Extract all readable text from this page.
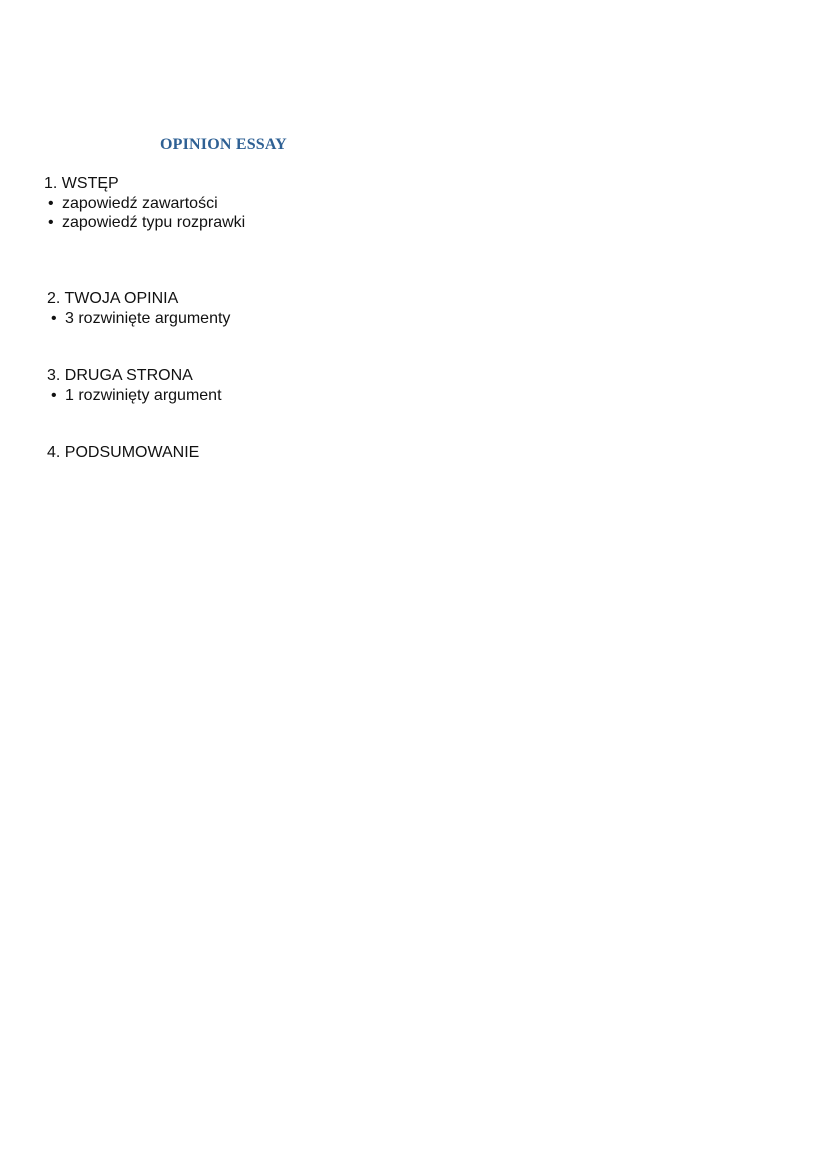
OPINION ESSAY
1. WSTĘP
• zapowiedź zawartości
• zapowiedź typu rozprawki
2. TWOJA OPINIA
• 3 rozwinięte argumenty
3. DRUGA STRONA
• 1 rozwinięty argument
4. PODSUMOWANIE
